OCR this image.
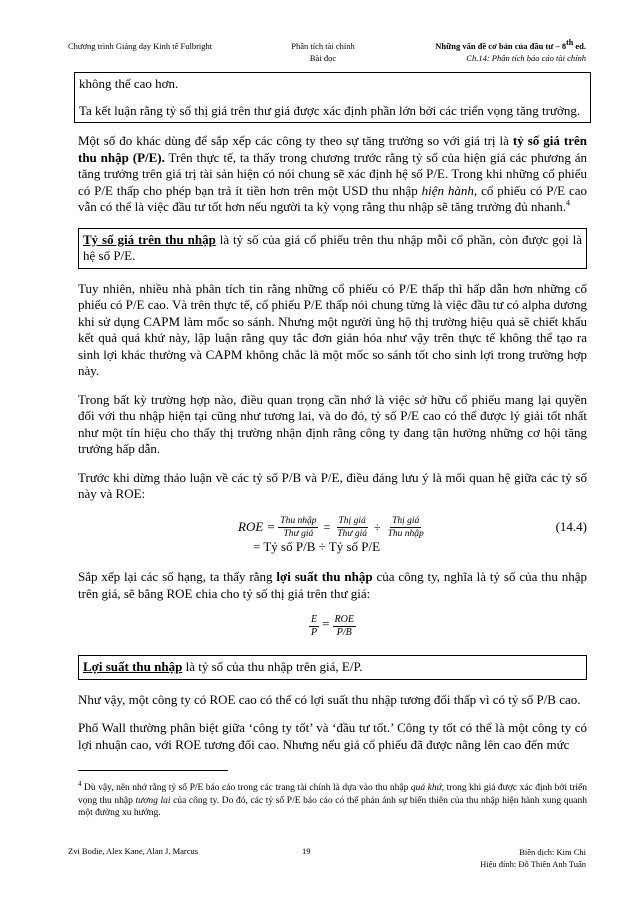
Chương trình Giảng dạy Kinh tế Fulbright	Phân tích tài chính
Bài đọc
Những vấn đề cơ bản của đầu tư – 8th ed.
Ch.14: Phân tích báo cáo tài chính
không thể cao hơn.
Ta kết luận rằng tỷ số thị giá trên thư giá được xác định phần lớn bởi các triển vọng tăng trưởng.

Một số đo khác dùng để sắp xếp các công ty theo sự tăng trưởng so với giá trị là tỷ số giá trên thu nhập (P/E). Trên thực tế, ta thấy trong chương trước rằng tỷ số của hiện giá các phương án tăng trưởng trên giá trị tài sản hiện có nói chung sẽ xác định hệ số P/E. Trong khi những cổ phiếu có P/E thấp cho phép bạn trả ít tiền hơn trên một USD thu nhập hiện hành, cổ phiếu có P/E cao vẫn có thể là việc đầu tư tốt hơn nếu người ta kỳ vọng rằng thu nhập sẽ tăng trưởng đủ nhanh.$^4$

Tỷ số giá trên thu nhập là tỷ số của giá cổ phiếu trên thu nhập mỗi cổ phần, còn được gọi là hệ số P/E.

Tuy nhiên, nhiều nhà phân tích tin rằng những cổ phiếu có P/E thấp thì hấp dẫn hơn những cổ phiếu có P/E cao. Và trên thực tế, cổ phiếu P/E thấp nói chung từng là việc đầu tư có alpha dương khi sử dụng CAPM làm mốc so sánh. Nhưng một người ủng hộ thị trường hiệu quả sẽ chiết khấu kết quả quá khứ này, lập luận rằng quy tắc đơn giản hóa như vậy trên thực tế không thể tạo ra sinh lợi khác thường và CAPM không chắc là một mốc so sánh tốt cho sinh lợi trong trường hợp này.

Trong bất kỳ trường hợp nào, điều quan trọng cần nhớ là việc sở hữu cổ phiếu mang lại quyền đối với thu nhập hiện tại cũng như tương lai, và do đó, tỷ số P/E cao có thể được lý giải tốt nhất như một tín hiệu cho thấy thị trường nhận định rằng công ty đang tận hưởng những cơ hội tăng trưởng hấp dẫn.

Trước khi dừng thảo luận về các tỷ số P/B và P/E, điều đáng lưu ý là mối quan hệ giữa các tỷ số này và ROE:

ROE = $\frac{\text{Thu nhập}}{\text{Thư giá}} = \frac{\text{Thị giá}}{\text{Thư giá}} \div \frac{\text{Thị giá}}{\text{Thu nhập}}$	(14.4)
= Tỷ số P/B ÷ Tỷ số P/E

Sắp xếp lại các số hạng, ta thấy rằng lợi suất thu nhập của công ty, nghĩa là tỷ số của thu nhập trên giá, sẽ bằng ROE chia cho tỷ số thị giá trên thư giá:

$\frac{E}{P} = \frac{\text{ROE}}{P/B}$

Lợi suất thu nhập là tỷ số của thu nhập trên giá, E/P.

Như vậy, một công ty có ROE cao có thể có lợi suất thu nhập tương đối thấp vì có tỷ số P/B cao.

Phố Wall thường phân biệt giữa ‘công ty tốt’ và ‘đầu tư tốt.’ Công ty tốt có thể là một công ty có lợi nhuận cao, với ROE tương đối cao. Nhưng nếu giá cổ phiếu đã được nâng lên cao đến mức

$^4$ Dù vậy, nên nhớ rằng tỷ số P/E báo cáo trong các trang tài chính là dựa vào thu nhập quá khứ, trong khi giá được xác định bởi triển vọng thu nhập tương lai của công ty. Do đó, các tỷ số P/E báo cáo có thể phản ánh sự biến thiên của thu nhập hiện hành xung quanh một đường xu hướng.
Zvi Bodie, Alex Kane, Alan J. Marcus	19	Biên dịch: Kim Chi
Hiệu đính: Đỗ Thiên Anh Tuấn
